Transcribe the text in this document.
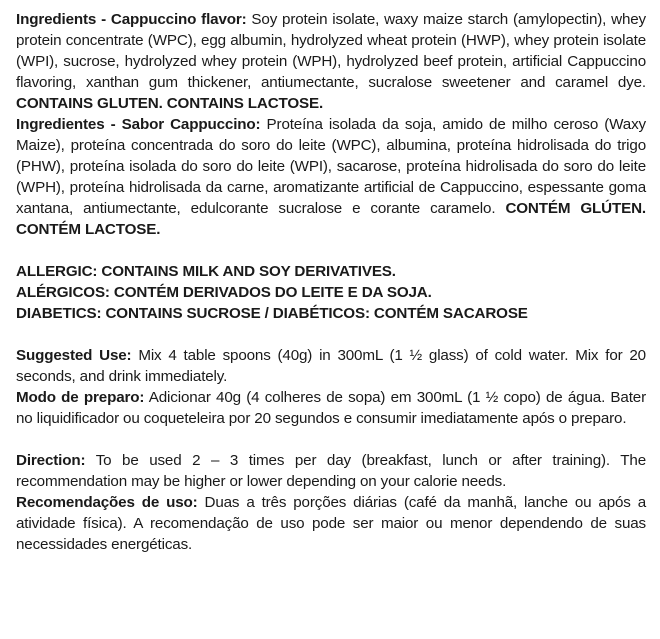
Ingredients - Cappuccino flavor: Soy protein isolate, waxy maize starch (amylopectin), whey protein concentrate (WPC), egg albumin, hydrolyzed wheat protein (HWP), whey protein isolate (WPI), sucrose, hydrolyzed whey protein (WPH), hydrolyzed beef protein, artificial Cappuccino flavoring, xanthan gum thickener, antiumectante, sucralose sweetener and caramel dye. CONTAINS GLUTEN. CONTAINS LACTOSE.

Ingredientes - Sabor Cappuccino: Proteína isolada da soja, amido de milho ceroso (Waxy Maize), proteína concentrada do soro do leite (WPC), albumina, proteína hidrolisada do trigo (PHW), proteína isolada do soro do leite (WPI), sacarose, proteína hidrolisada do soro do leite (WPH), proteína hidrolisada da carne, aromatizante artificial de Cappuccino, espessante goma xantana, antiumectante, edulcorante sucralose e corante caramelo. CONTÉM GLÚTEN. CONTÉM LACTOSE.

ALLERGIC: CONTAINS MILK AND SOY DERIVATIVES.

ALÉRGICOS: CONTÉM DERIVADOS DO LEITE E DA SOJA.

DIABETICS: CONTAINS SUCROSE / DIABÉTICOS: CONTÉM SACAROSE

Suggested Use: Mix 4 table spoons (40g) in 300mL (1 ½ glass) of cold water. Mix for 20 seconds, and drink immediately.

Modo de preparo: Adicionar 40g (4 colheres de sopa) em 300mL (1 ½ copo) de água. Bater no liquidificador ou coqueteleira por 20 segundos e consumir imediatamente após o preparo.

Direction: To be used 2 – 3 times per day (breakfast, lunch or after training). The recommendation may be higher or lower depending on your calorie needs.

Recomendações de uso: Duas a três porções diárias (café da manhã, lanche ou após a atividade física). A recomendação de uso pode ser maior ou menor dependendo de suas necessidades energéticas.
